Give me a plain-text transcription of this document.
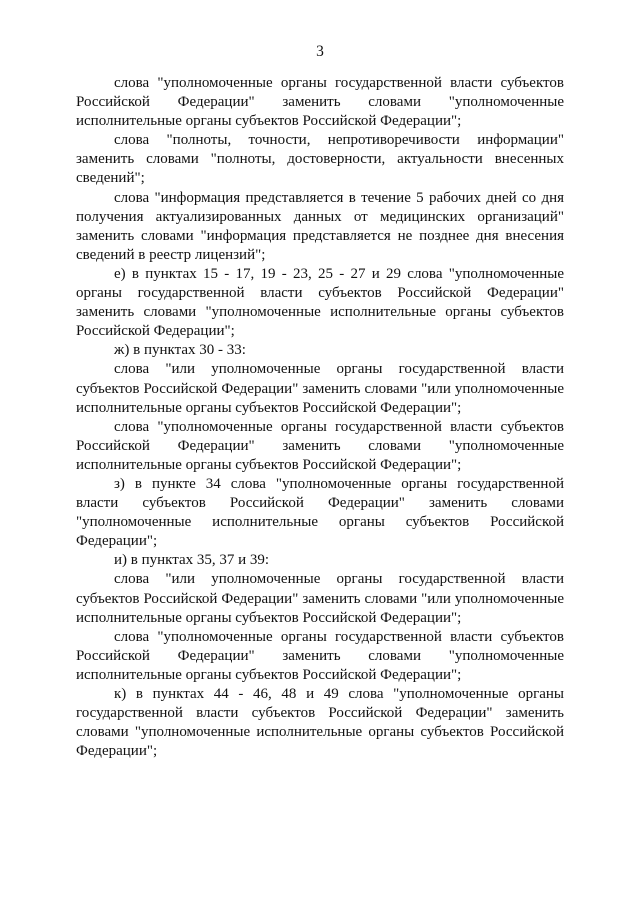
3

слова "уполномоченные органы государственной власти субъектов Российской Федерации" заменить словами "уполномоченные исполнительные органы субъектов Российской Федерации";

слова "полноты, точности, непротиворечивости информации" заменить словами "полноты, достоверности, актуальности внесенных сведений";

слова "информация представляется в течение 5 рабочих дней со дня получения актуализированных данных от медицинских организаций" заменить словами "информация представляется не позднее дня внесения сведений в реестр лицензий";

е) в пунктах 15 - 17, 19 - 23, 25 - 27 и 29 слова "уполномоченные органы государственной власти субъектов Российской Федерации" заменить словами "уполномоченные исполнительные органы субъектов Российской Федерации";

ж) в пунктах 30 - 33:

слова "или уполномоченные органы государственной власти субъектов Российской Федерации" заменить словами "или уполномоченные исполнительные органы субъектов Российской Федерации";

слова "уполномоченные органы государственной власти субъектов Российской Федерации" заменить словами "уполномоченные исполнительные органы субъектов Российской Федерации";

з) в пункте 34 слова "уполномоченные органы государственной власти субъектов Российской Федерации" заменить словами "уполномоченные исполнительные органы субъектов Российской Федерации";

и) в пунктах 35, 37 и 39:

слова "или уполномоченные органы государственной власти субъектов Российской Федерации" заменить словами "или уполномоченные исполнительные органы субъектов Российской Федерации";

слова "уполномоченные органы государственной власти субъектов Российской Федерации" заменить словами "уполномоченные исполнительные органы субъектов Российской Федерации";

к) в пунктах 44 - 46, 48 и 49 слова "уполномоченные органы государственной власти субъектов Российской Федерации" заменить словами "уполномоченные исполнительные органы субъектов Российской Федерации";
